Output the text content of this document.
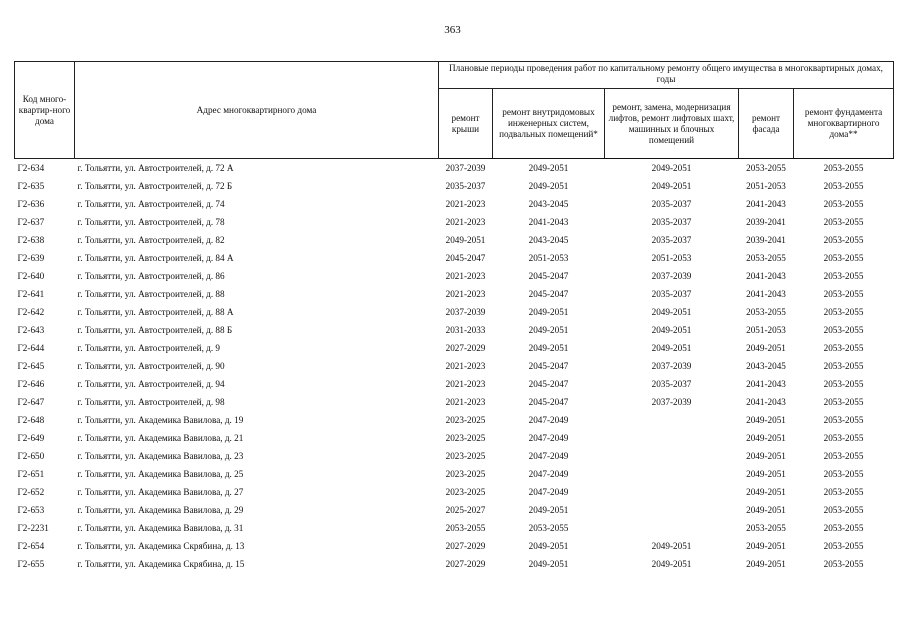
363
Код много-квартир-ного дома	Адрес многоквартирного дома	Плановые периоды проведения работ по капитальному ремонту общего имущества в многоквартирных домах, годы				
		ремонт крыши	ремонт внутридомовых инженерных систем, подвальных помещений*	ремонт, замена, модернизация лифтов, ремонт лифтовых шахт, машинных и блочных помещений	ремонт фасада	ремонт фундамента многоквартирного дома**
Г2-634	г. Тольятти, ул. Автостроителей, д. 72 А	2037-2039	2049-2051	2049-2051	2053-2055	2053-2055
Г2-635	г. Тольятти, ул. Автостроителей, д. 72 Б	2035-2037	2049-2051	2049-2051	2051-2053	2053-2055
Г2-636	г. Тольятти, ул. Автостроителей, д. 74	2021-2023	2043-2045	2035-2037	2041-2043	2053-2055
Г2-637	г. Тольятти, ул. Автостроителей, д. 78	2021-2023	2041-2043	2035-2037	2039-2041	2053-2055
Г2-638	г. Тольятти, ул. Автостроителей, д. 82	2049-2051	2043-2045	2035-2037	2039-2041	2053-2055
Г2-639	г. Тольятти, ул. Автостроителей, д. 84 А	2045-2047	2051-2053	2051-2053	2053-2055	2053-2055
Г2-640	г. Тольятти, ул. Автостроителей, д. 86	2021-2023	2045-2047	2037-2039	2041-2043	2053-2055
Г2-641	г. Тольятти, ул. Автостроителей, д. 88	2021-2023	2045-2047	2035-2037	2041-2043	2053-2055
Г2-642	г. Тольятти, ул. Автостроителей, д. 88 А	2037-2039	2049-2051	2049-2051	2053-2055	2053-2055
Г2-643	г. Тольятти, ул. Автостроителей, д. 88 Б	2031-2033	2049-2051	2049-2051	2051-2053	2053-2055
Г2-644	г. Тольятти, ул. Автостроителей, д. 9	2027-2029	2049-2051	2049-2051	2049-2051	2053-2055
Г2-645	г. Тольятти, ул. Автостроителей, д. 90	2021-2023	2045-2047	2037-2039	2043-2045	2053-2055
Г2-646	г. Тольятти, ул. Автостроителей, д. 94	2021-2023	2045-2047	2035-2037	2041-2043	2053-2055
Г2-647	г. Тольятти, ул. Автостроителей, д. 98	2021-2023	2045-2047	2037-2039	2041-2043	2053-2055
Г2-648	г. Тольятти, ул. Академика Вавилова, д. 19	2023-2025	2047-2049		2049-2051	2053-2055
Г2-649	г. Тольятти, ул. Академика Вавилова, д. 21	2023-2025	2047-2049		2049-2051	2053-2055
Г2-650	г. Тольятти, ул. Академика Вавилова, д. 23	2023-2025	2047-2049		2049-2051	2053-2055
Г2-651	г. Тольятти, ул. Академика Вавилова, д. 25	2023-2025	2047-2049		2049-2051	2053-2055
Г2-652	г. Тольятти, ул. Академика Вавилова, д. 27	2023-2025	2047-2049		2049-2051	2053-2055
Г2-653	г. Тольятти, ул. Академика Вавилова, д. 29	2025-2027	2049-2051		2049-2051	2053-2055
Г2-2231	г. Тольятти, ул. Академика Вавилова, д. 31	2053-2055	2053-2055		2053-2055	2053-2055
Г2-654	г. Тольятти, ул. Академика Скрябина, д. 13	2027-2029	2049-2051	2049-2051	2049-2051	2053-2055
Г2-655	г. Тольятти, ул. Академика Скрябина, д. 15	2027-2029	2049-2051	2049-2051	2049-2051	2053-2055
